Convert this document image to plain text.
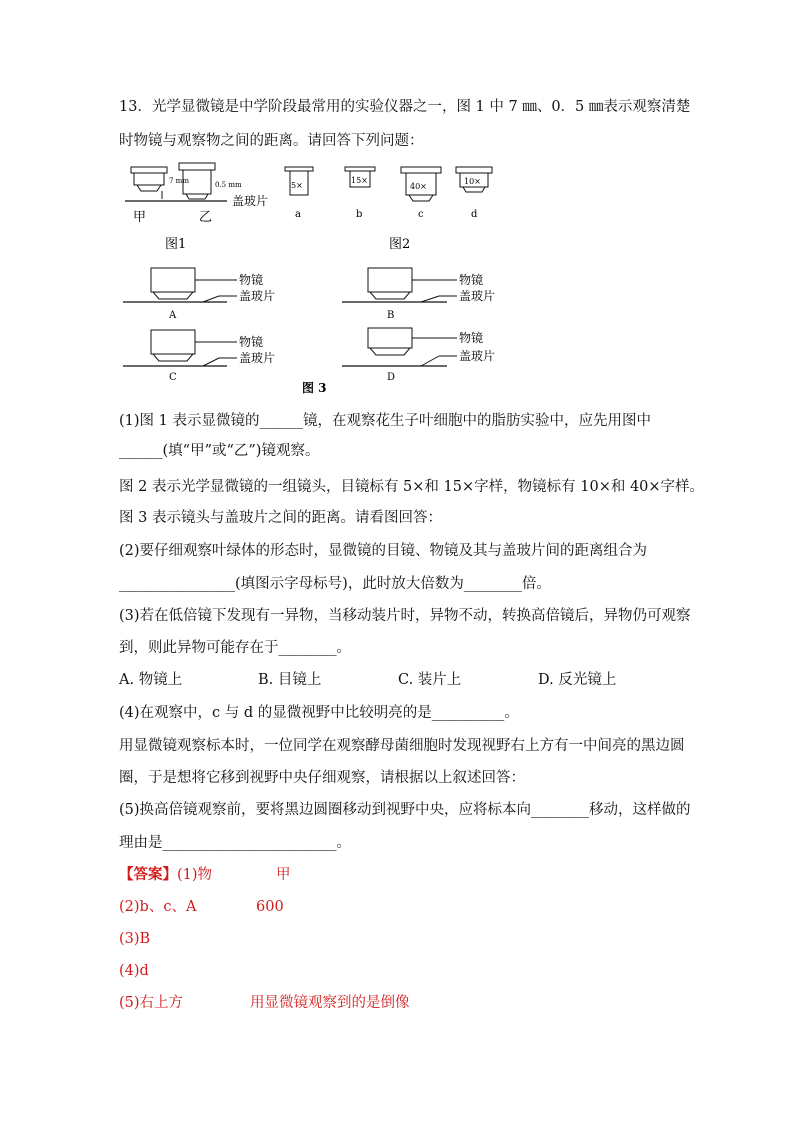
13．光学显微镜是中学阶段最常用的实验仪器之一，图 1 中 7 ㎜、0．5 ㎜表示观察清楚
时物镜与观察物之间的距离。请回答下列问题：
7 mm	0.5 mm
甲	乙
盖玻片
图1
5×
a
15×
b
40×
c
10×
d
图2
物镜
盖玻片
A
物镜
盖玻片
B
物镜
盖玻片
C
物镜
盖玻片
D
图 3
(1)图 1 表示显微镜的______镜，在观察花生子叶细胞中的脂肪实验中，应先用图中
______(填“甲”或“乙”)镜观察。
图 2 表示光学显微镜的一组镜头，目镜标有 5×和 15×字样，物镜标有 10×和 40×字样。
图 3 表示镜头与盖玻片之间的距离。请看图回答：
(2)要仔细观察叶绿体的形态时，显微镜的目镜、物镜及其与盖玻片间的距离组合为
________________(填图示字母标号)，此时放大倍数为________倍。
(3)若在低倍镜下发现有一异物，当移动装片时，异物不动，转换高倍镜后，异物仍可观察
到，则此异物可能存在于________。
A. 物镜上	B. 目镜上	C. 装片上	D. 反光镜上
(4)在观察中，c 与 d 的显微视野中比较明亮的是__________。
用显微镜观察标本时，一位同学在观察酵母菌细胞时发现视野右上方有一中间亮的黑边圆
圈，于是想将它移到视野中央仔细观察，请根据以上叙述回答：
(5)换高倍镜观察前，要将黑边圆圈移动到视野中央，应将标本向________移动，这样做的
理由是________________________。
【答案】(1)物	甲
(2)b、c、A	600
(3)B
(4)d
(5)右上方	用显微镜观察到的是倒像
